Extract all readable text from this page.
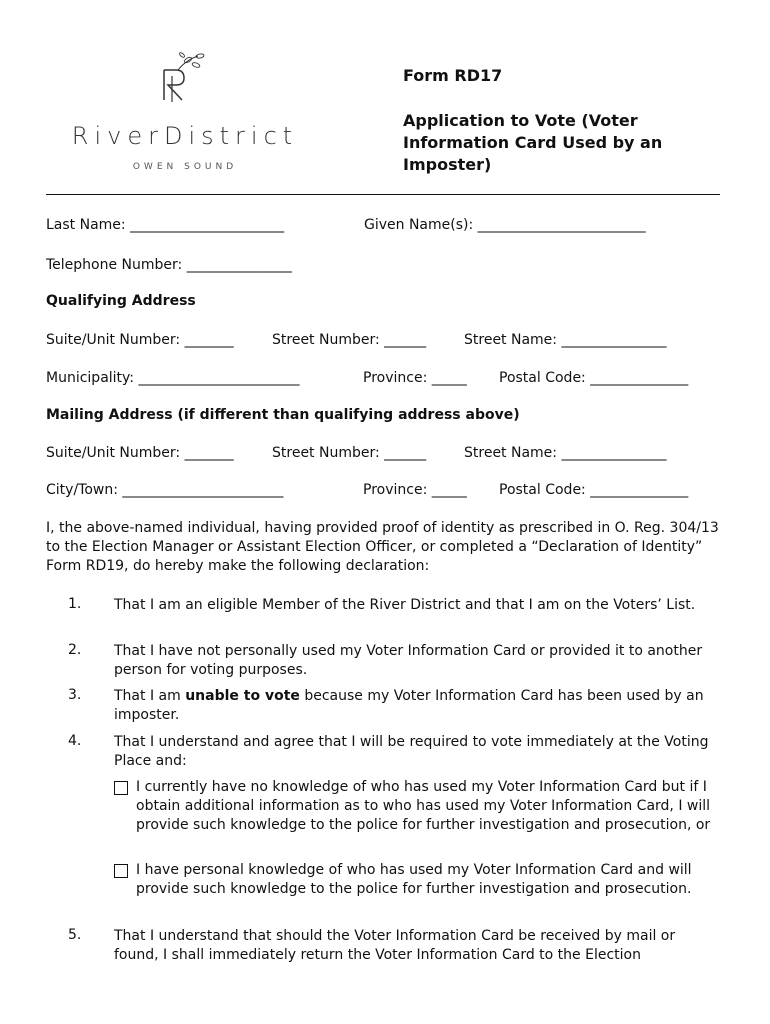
RiverDistrict
OWEN SOUND
Form RD17
Application to Vote (Voter Information Card Used by an Imposter)
Last Name: ______________________	Given Name(s): ________________________
Telephone Number: _______________
Qualifying Address
Suite/Unit Number: _______	Street Number: ______	Street Name: _______________
Municipality: _______________________	Province: _____ Postal Code: ______________
Mailing Address (if different than qualifying address above)
Suite/Unit Number: _______	Street Number: ______	Street Name: _______________
City/Town: _______________________	Province: _____ Postal Code: ______________
I, the above-named individual, having provided proof of identity as prescribed in O. Reg. 304/13 to the Election Manager or Assistant Election Officer, or completed a “Declaration of Identity” Form RD19, do hereby make the following declaration:
1. That I am an eligible Member of the River District and that I am on the Voters’ List.
2. That I have not personally used my Voter Information Card or provided it to another person for voting purposes.
3. That I am unable to vote because my Voter Information Card has been used by an imposter.
4. That I understand and agree that I will be required to vote immediately at the Voting Place and:
I currently have no knowledge of who has used my Voter Information Card but if I obtain additional information as to who has used my Voter Information Card, I will provide such knowledge to the police for further investigation and prosecution, or
I have personal knowledge of who has used my Voter Information Card and will provide such knowledge to the police for further investigation and prosecution.
5. That I understand that should the Voter Information Card be received by mail or found, I shall immediately return the Voter Information Card to the Election
